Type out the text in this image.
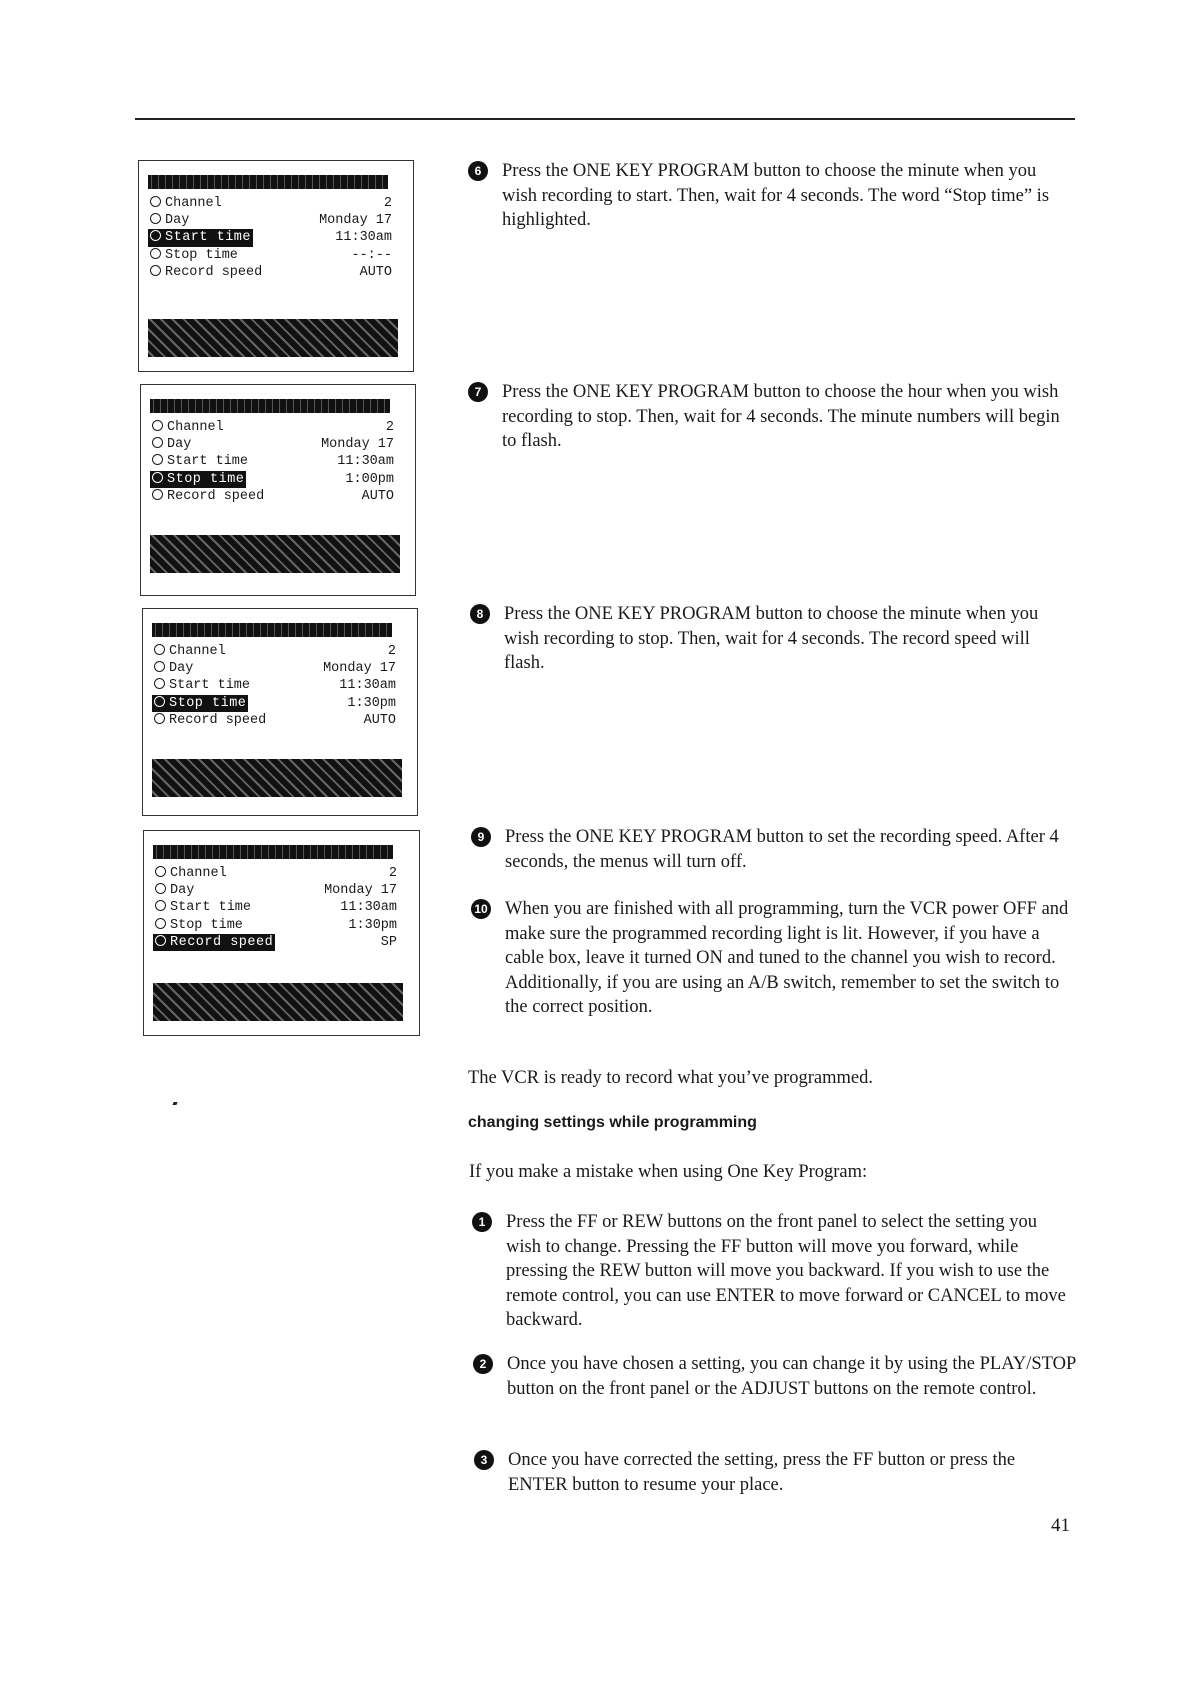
Channel	2
Day	Monday 17
Start time	11:30am
Stop time	--:--
Record speed	AUTO
Channel	2
Day	Monday 17
Start time	11:30am
Stop time	1:00pm
Record speed	AUTO
Channel	2
Day	Monday 17
Start time	11:30am
Stop time	1:30pm
Record speed	AUTO
Channel	2
Day	Monday 17
Start time	11:30am
Stop time	1:30pm
Record speed	SP
6	Press the ONE KEY PROGRAM button to choose the minute when you wish recording to start. Then, wait for 4 seconds. The word “Stop time” is highlighted.
7	Press the ONE KEY PROGRAM button to choose the hour when you wish recording to stop. Then, wait for 4 seconds. The minute numbers will begin to flash.
8	Press the ONE KEY PROGRAM button to choose the minute when you wish recording to stop. Then, wait for 4 seconds. The record speed will flash.
9	Press the ONE KEY PROGRAM button to set the recording speed. After 4 seconds, the menus will turn off.
10 When you are finished with all programming, turn the VCR power OFF and make sure the programmed recording light is lit. However, if you have a cable box, leave it turned ON and tuned to the channel you wish to record. Additionally, if you are using an A/B switch, remember to set the switch to the correct position.
The VCR is ready to record what you’ve programmed.
changing settings while programming
If you make a mistake when using One Key Program:
1	Press the FF or REW buttons on the front panel to select the setting you wish to change. Pressing the FF button will move you forward, while pressing the REW button will move you backward. If you wish to use the remote control, you can use ENTER to move forward or CANCEL to move backward.
2	Once you have chosen a setting, you can change it by using the PLAY/STOP button on the front panel or the ADJUST buttons on the remote control.
3	Once you have corrected the setting, press the FF button or press the ENTER button to resume your place.
41
